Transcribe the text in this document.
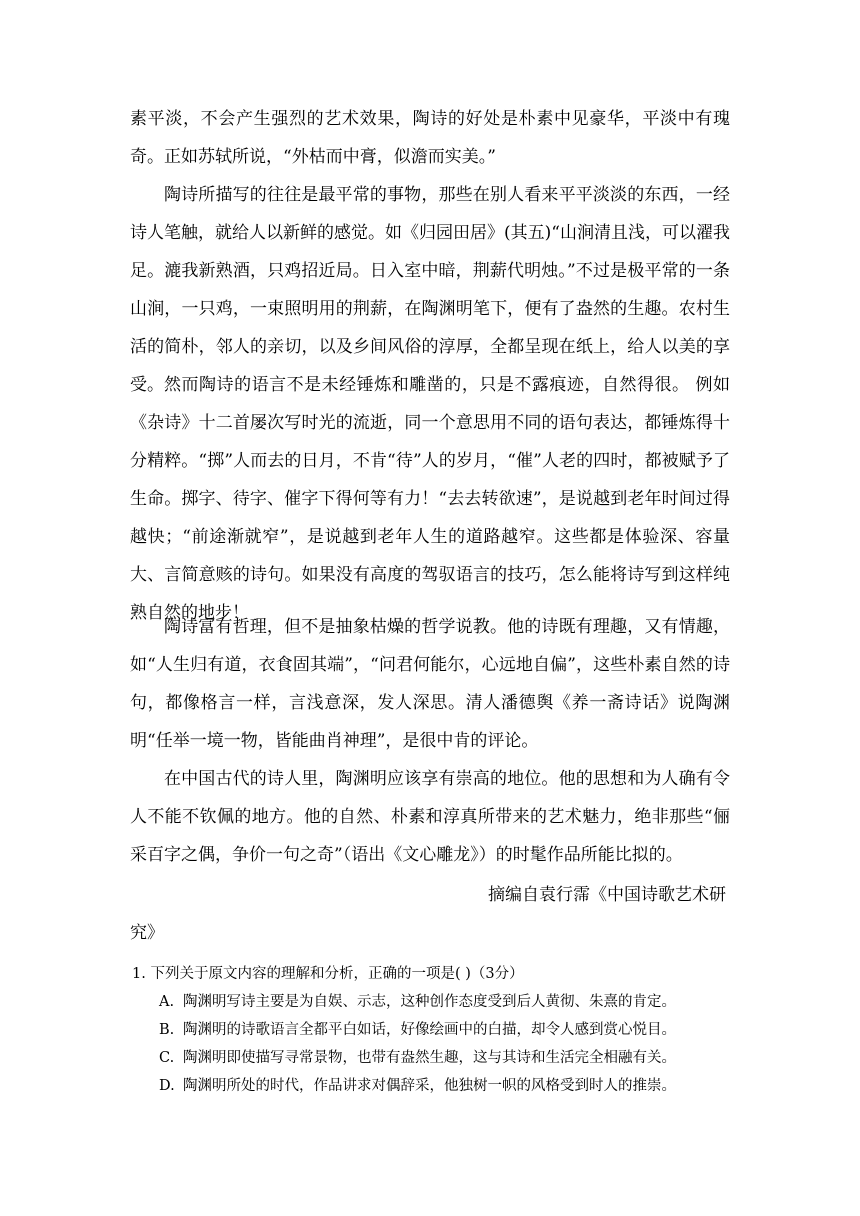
素平淡，不会产生强烈的艺术效果，陶诗的好处是朴素中见豪华，平淡中有瑰奇。正如苏轼所说，“外枯而中膏，似澹而实美。”

陶诗所描写的往往是最平常的事物，那些在别人看来平平淡淡的东西，一经诗人笔触，就给人以新鲜的感觉。如《归园田居》(其五)“山涧清且浅，可以濯我足。漉我新熟酒，只鸡招近局。日入室中暗，荆薪代明烛。”不过是极平常的一条山涧，一只鸡，一束照明用的荆薪，在陶渊明笔下，便有了盎然的生趣。农村生活的简朴，邻人的亲切，以及乡间风俗的淳厚，全都呈现在纸上，给人以美的享受。 然而陶诗的语言不是未经锤炼和雕凿的，只是不露痕迹，自然得很。 例如《杂诗》十二首屡次写时光的流逝，同一个意思用不同的语句表达，都锤炼得十分精粹。“掷”人而去的日月，不肯“待”人的岁月，“催”人老的四时，都被赋予了生命。掷字、待字、催字下得何等有力！“去去转欲速”，是说越到老年时间过得越快；“前途渐就窄”，是说越到老年人生的道路越窄。这些都是体验深、容量大、言简意赅的诗句。如果没有高度的驾驭语言的技巧，怎么能将诗写到这样纯熟自然的地步！

陶诗富有哲理，但不是抽象枯燥的哲学说教。他的诗既有理趣，又有情趣，如“人生归有道，衣食固其端”，“问君何能尔，心远地自偏”，这些朴素自然的诗句，都像格言一样，言浅意深，发人深思。清人潘德舆《养一斋诗话》说陶渊明“任举一境一物，皆能曲肖神理”，是很中肯的评论。

在中国古代的诗人里，陶渊明应该享有崇高的地位。他的思想和为人确有令人不能不钦佩的地方。他的自然、朴素和淳真所带来的艺术魅力，绝非那些“俪采百字之偶，争价一句之奇”（语出《文心雕龙》）的时髦作品所能比拟的。

摘编自袁行霈《中国诗歌艺术研
究》

1. 下列关于原文内容的理解和分析，正确的一项是( )（3分）
A. 陶渊明写诗主要是为自娱、示志，这种创作态度受到后人黄彻、朱熹的肯定。
B. 陶渊明的诗歌语言全都平白如话，好像绘画中的白描，却令人感到赏心悦目。
C. 陶渊明即使描写寻常景物，也带有盎然生趣，这与其诗和生活完全相融有关。
D. 陶渊明所处的时代，作品讲求对偶辞采，他独树一帜的风格受到时人的推崇。
